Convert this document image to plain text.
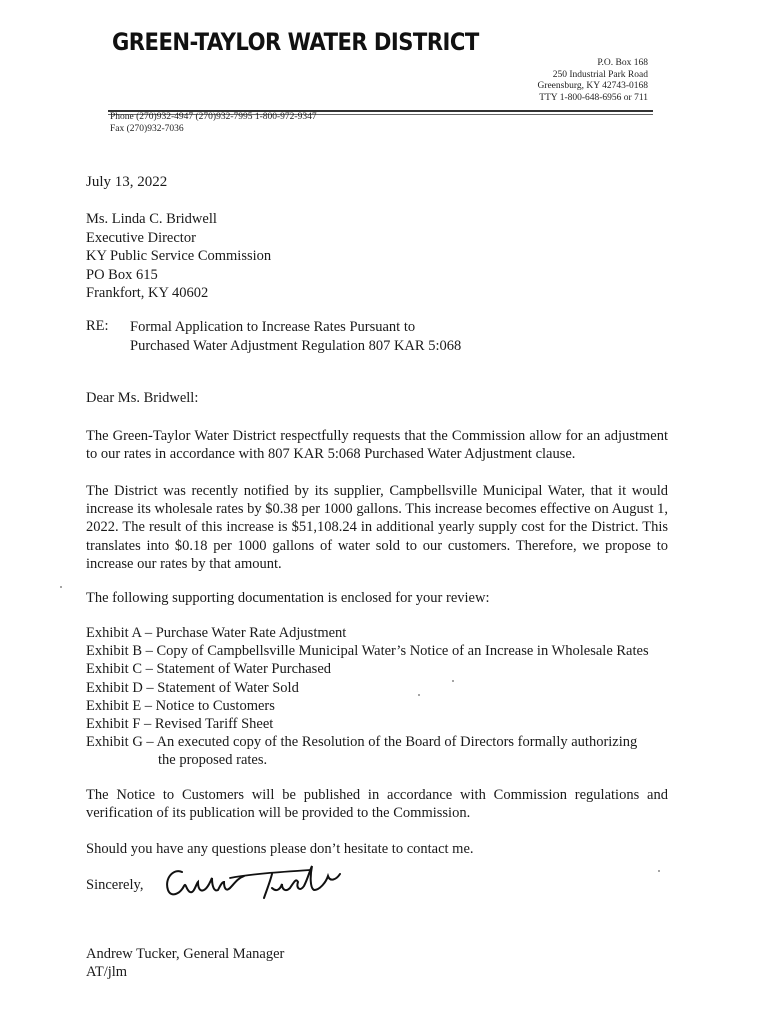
GREEN-TAYLOR WATER DISTRICT
P.O. Box 168
250 Industrial Park Road
Greensburg, KY 42743-0168
TTY 1-800-648-6956 or 711
Phone (270)932-4947 (270)932-7995 1-800-972-9347
Fax (270)932-7036
July 13, 2022
Ms. Linda C. Bridwell
Executive Director
KY Public Service Commission
PO Box 615
Frankfort, KY 40602
RE: Formal Application to Increase Rates Pursuant to
Purchased Water Adjustment Regulation 807 KAR 5:068
Dear Ms. Bridwell:
The Green-Taylor Water District respectfully requests that the Commission allow for an adjustment to our rates in accordance with 807 KAR 5:068 Purchased Water Adjustment clause.
The District was recently notified by its supplier, Campbellsville Municipal Water, that it would increase its wholesale rates by $0.38 per 1000 gallons. This increase becomes effective on August 1, 2022. The result of this increase is $51,108.24 in additional yearly supply cost for the District. This translates into $0.18 per 1000 gallons of water sold to our customers. Therefore, we propose to increase our rates by that amount.
The following supporting documentation is enclosed for your review:
Exhibit A – Purchase Water Rate Adjustment
Exhibit B – Copy of Campbellsville Municipal Water’s Notice of an Increase in Wholesale Rates
Exhibit C – Statement of Water Purchased
Exhibit D – Statement of Water Sold
Exhibit E – Notice to Customers
Exhibit F – Revised Tariff Sheet
Exhibit G – An executed copy of the Resolution of the Board of Directors formally authorizing
the proposed rates.
The Notice to Customers will be published in accordance with Commission regulations and verification of its publication will be provided to the Commission.
Should you have any questions please don’t hesitate to contact me.
Sincerely,
Andrew Tucker, General Manager
AT/jlm
